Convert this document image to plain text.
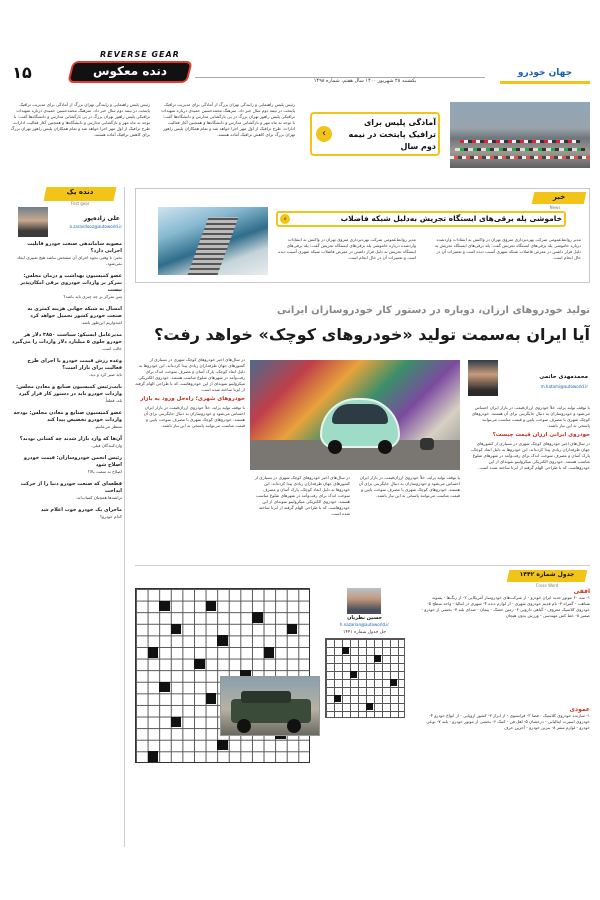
REVERSE GEAR
۱۵	دنده معکوس
یکشنبه ۲۸ شهریور ۱۴۰۰ سال هفتم، شماره ۱۴۹۸
جهان خودرو
رئیس پلیس راهنمایی و رانندگی تهران بزرگ از آمادگی برای مدیریت ترافیک پایتخت در نیمه دوم سال خبر داد. سرهنگ محمدحسین حمیدی درباره تمهیدات ترافیکی پلیس راهور تهران بزرگ در پی بازگشایی مدارس و دانشگاه‌ها گفت: با توجه به ماه مهر و بازگشایی مدارس و دانشگاه‌ها و همچنین آغاز فعالیت ادارات، طرح ترافیک از اول مهر اجرا خواهد شد و تمام همکاران پلیس راهور تهران بزرگ برای کاهش ترافیک آماده هستند.
رئیس پلیس راهنمایی و رانندگی تهران بزرگ از آمادگی برای مدیریت ترافیک پایتخت در نیمه دوم سال خبر داد. سرهنگ محمدحسین حمیدی درباره تمهیدات ترافیکی پلیس راهور تهران بزرگ در پی بازگشایی مدارس و دانشگاه‌ها گفت: با توجه به ماه مهر و بازگشایی مدارس و دانشگاه‌ها و همچنین آغاز فعالیت ادارات، طرح ترافیک از اول مهر اجرا خواهد شد و تمام همکاران پلیس راهور تهران بزرگ برای کاهش ترافیک آماده هستند.	‹
آمادگی پلیس برای ترافیک پایتخت در نیمه دوم سال
دنده یک
First gear
علی زاده‌پور
a.zarandooz@autoworld.ir
مصوبه ساماندهی صنعت خودرو قابلیت اجرایی دارد؟
نخیر؛ تا وقتی نحوه اجرای آن مشخص نباشد هیچ تغییری ایجاد نمی‌شود.
عضو کمیسیون بهداشت و درمان مجلس: تمرکز بر واردات خودروی برقی امکان‌پذیر نیست
پس تمرکز بر چه چیزی باید باشد؟
امسال به شبکه جهانی هزینه کمتری به صنعت خودرو کشور تحمیل خواهد کرد
امیدواریم این‌طور باشد.
مدیرعامل ایسیکو: سیاست ۳۸۵۰ دلار هر خودرو جلوی ۵ میلیارد دلار واردات را می‌گیرد
جالب است.
وعده رزش قیمت خودرو با اجرای طرح فعالیت برای بازار است؟
باید صبر کرد و دید.
نایب‌رئیس کمیسیون صنایع و معادن مجلس: واردات خودرو باید در دستور کار قرار گیرد
بله، قطعاً.
عضو کمیسیون صنایع و معادن مجلس: بودجه واردات خودرو تخصیص پیدا کند
منتظر می‌مانیم.
آن‌ها که وارد بازار شدند چه کسانی بودند؟
واردکنندگان قبلی.
رئیس انجمن خودروسازان: قیمت خودرو اصلاح شود
اصلاح به سمت بالا؟
قطعه‌ای که صنعت خودرو دنیا را از حرکت انداخت
تراشه‌ها همچنان کمیاب‌اند.
ماجرای یک خودرو خوب اعلام شد
کدام خودرو؟
خبر
News
‹	خاموشی پله برقی‌های ایستگاه تجریش به‌دلیل شبکه فاضلاب
مدیر روابط‌عمومی شرکت بهره‌برداری متروی تهران در واکنش به انتقادات واردشده درباره خاموشی پله برقی‌های ایستگاه تجریش گفت: پله برقی‌های ایستگاه تجریش به دلیل قرار داشتن در معرض فاضلاب شبکه شهری آسیب دیده است و تعمیرات آن در حال انجام است.
مدیر روابط‌عمومی شرکت بهره‌برداری متروی تهران در واکنش به انتقادات واردشده درباره خاموشی پله برقی‌های ایستگاه تجریش گفت: پله برقی‌های ایستگاه تجریش به دلیل قرار داشتن در معرض فاضلاب شبکه شهری آسیب دیده است و تعمیرات آن در حال انجام است.
تولید خودروهای ارزان، دوباره در دستور کار خودروسازان ایرانی
آیا ایران به‌سمت تولید «خودروهای کوچک» خواهد رفت؟
در سال‌های اخیر خودروهای کوچک شهری در بسیاری از کشورهای جهان طرفداران زیادی پیدا کرده‌اند. این خودروها به دلیل ابعاد کوچک، پارک آسان و مصرف سوخت اندک برای رفت‌وآمد در شهرهای شلوغ مناسب هستند. خودروی الکتریکی میکرولینو نمونه‌ای از این خودروهاست که با طراحی الهام گرفته از ایزتا ساخته شده است.
خودروهای شهری؛ راه‌حل ورود به بازار
با توقف تولید پراید، خلأ خودروی ارزان‌قیمت در بازار ایران احساس می‌شود و خودروسازان به دنبال جایگزینی برای آن هستند. خودروهای کوچک شهری با مصرف سوخت پایین و قیمت مناسب می‌توانند پاسخی به این نیاز باشند.
در سال‌های اخیر خودروهای کوچک شهری در بسیاری از کشورهای جهان طرفداران زیادی پیدا کرده‌اند. این خودروها به دلیل ابعاد کوچک، پارک آسان و مصرف سوخت اندک برای رفت‌وآمد در شهرهای شلوغ مناسب هستند. خودروی الکتریکی میکرولینو نمونه‌ای از این خودروهاست که با طراحی الهام گرفته از ایزتا ساخته شده است.
با توقف تولید پراید، خلأ خودروی ارزان‌قیمت در بازار ایران احساس می‌شود و خودروسازان به دنبال جایگزینی برای آن هستند. خودروهای کوچک شهری با مصرف سوخت پایین و قیمت مناسب می‌توانند پاسخی به این نیاز باشند.
محمدمهدی حاتمی
m.hatami@autoworld.ir
با توقف تولید پراید، خلأ خودروی ارزان‌قیمت در بازار ایران احساس می‌شود و خودروسازان به دنبال جایگزینی برای آن هستند. خودروهای کوچک شهری با مصرف سوخت پایین و قیمت مناسب می‌توانند پاسخی به این نیاز باشند.
خودروی ایرانی ارزان قیمت چیست؟
در سال‌های اخیر خودروهای کوچک شهری در بسیاری از کشورهای جهان طرفداران زیادی پیدا کرده‌اند. این خودروها به دلیل ابعاد کوچک، پارک آسان و مصرف سوخت اندک برای رفت‌وآمد در شهرهای شلوغ مناسب هستند. خودروی الکتریکی میکرولینو نمونه‌ای از این خودروهاست که با طراحی الهام گرفته از ایزتا ساخته شده است.
جدول شماره ۱۴۴۲
Cross Word
حسین نظریان
h.nazarian@autoworld.ir
حل جدول شماره ۱۴۴۱
افقی
۱- سه ۶۰ موتور جدید ایران خودرو - از شرکت‌های خودروساز آمریکایی ۲- از رنگ‌ها - پسوند شباهت - گمراه ۳- نام قدیم خودروی شهری - از لوازم دنده ۴- شهری در ایتالیا - واحد سطح ۵- خودروی کلاسیک معروف - گیاهی دارویی ۶- زمین خشک - پیمان - صدای بلند ۷- بخشی از خودرو - ضمیر ۸- خط کش مهندسی - ورزش بدون هیجان
عمودی
۱- سازنده خودروی کلاسیک - فضا ۲- فرانسوی - از ابزار ۳- کشور اروپایی - از انواع خودرو ۴- خودروی اسپرت ایتالیایی - درخشان ۵- اهل فن - کمک ۶- بخشی از موتور خودرو - بلند ۷- نوعی خودرو - لوازم سفر ۸- بنزین خودرو - آخرین حرف
